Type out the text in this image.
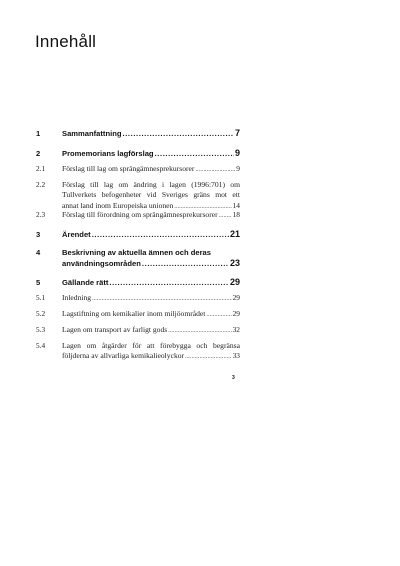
Innehåll
1	Sammanfattning .....	7
2	Promemorians lagförslag .....	9
2.1	Förslag till lag om sprängämnesprekursorer .....	9
2.2	Förslag till lag om ändring i lagen (1996:701) om
Tullverkets befogenheter vid Sveriges gräns mot ett
annat land inom Europeiska unionen .....	14
2.3	Förslag till förordning om sprängämnesprekursorer ..... 18
3	Ärendet .....	21
4	Beskrivning av aktuella ämnen och deras
användningsområden .....	23
5	Gällande rätt .....	29
5.1	Inledning .....	29
5.2	Lagstiftning om kemikalier inom miljöområdet .....	29
5.3	Lagen om transport av farligt gods .....	32
5.4	Lagen om åtgärder för att förebygga och begränsa
följderna av allvarliga kemikalieolyckor .....	33
3
